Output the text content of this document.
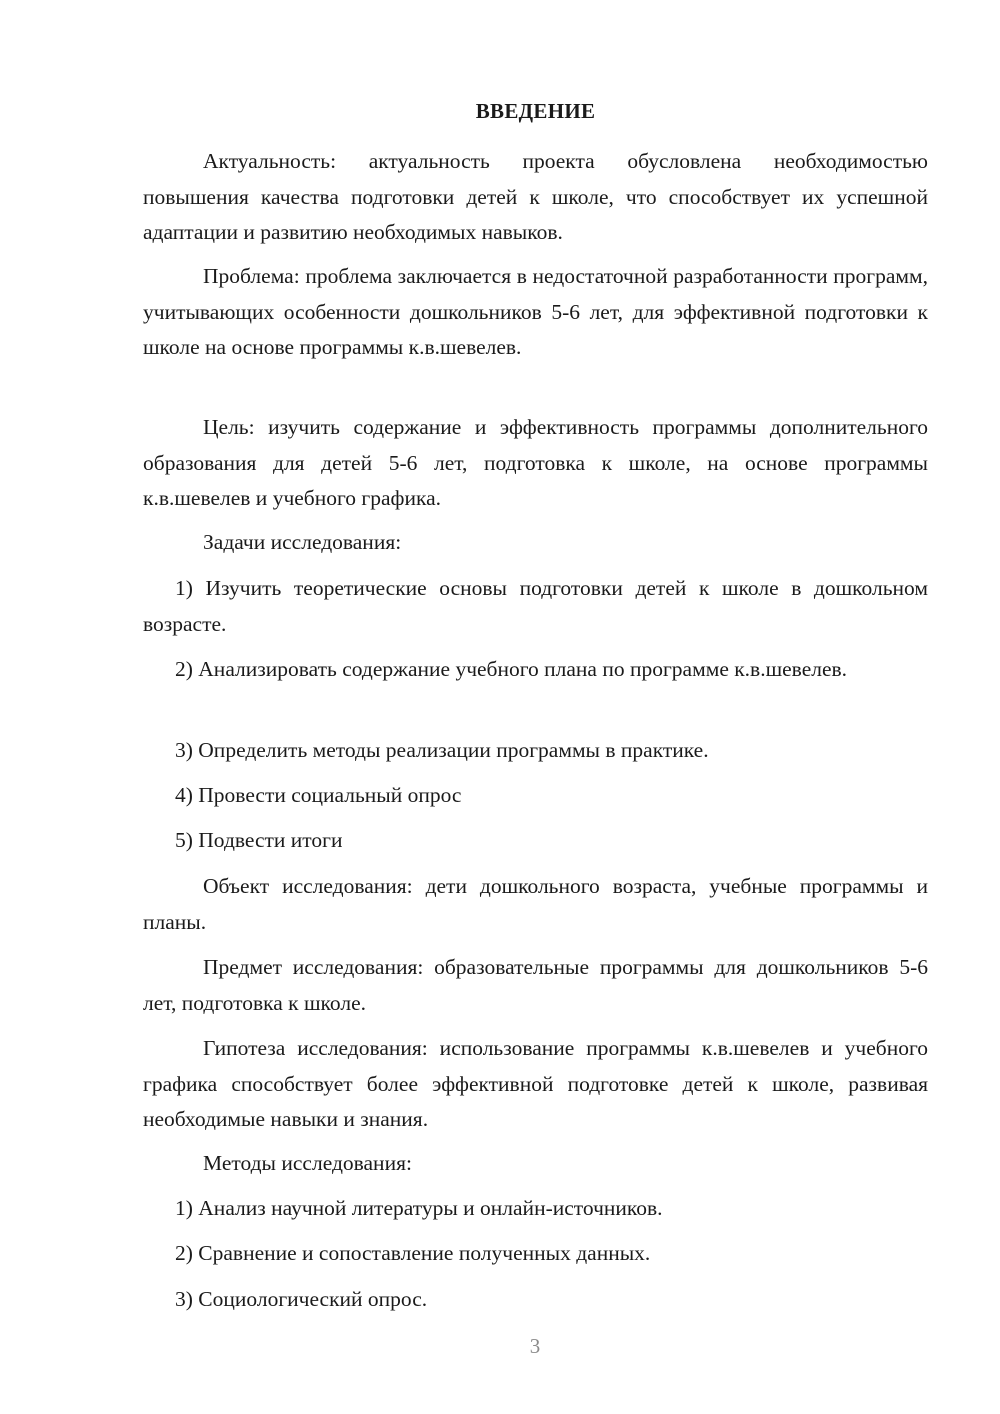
ВВЕДЕНИЕ

Актуальность: актуальность проекта обусловлена необходимостью повышения качества подготовки детей к школе, что способствует их успешной адаптации и развитию необходимых навыков.

Проблема: проблема заключается в недостаточной разработанности программ, учитывающих особенности дошкольников 5-6 лет, для эффективной подготовки к школе на основе программы к.в.шевелев.

Цель: изучить содержание и эффективность программы дополнительного образования для детей 5-6 лет, подготовка к школе, на основе программы к.в.шевелев и учебного графика.

Задачи исследования:

1) Изучить теоретические основы подготовки детей к школе в дошкольном возрасте.

2) Анализировать содержание учебного плана по программе к.в.шевелев.

3) Определить методы реализации программы в практике.

4) Провести социальный опрос

5) Подвести итоги

Объект исследования: дети дошкольного возраста, учебные программы и планы.

Предмет исследования: образовательные программы для дошкольников 5-6 лет, подготовка к школе.

Гипотеза исследования: использование программы к.в.шевелев и учебного графика способствует более эффективной подготовке детей к школе, развивая необходимые навыки и знания.

Методы исследования:

1) Анализ научной литературы и онлайн-источников.

2) Сравнение и сопоставление полученных данных.

3) Социологический опрос.

3
